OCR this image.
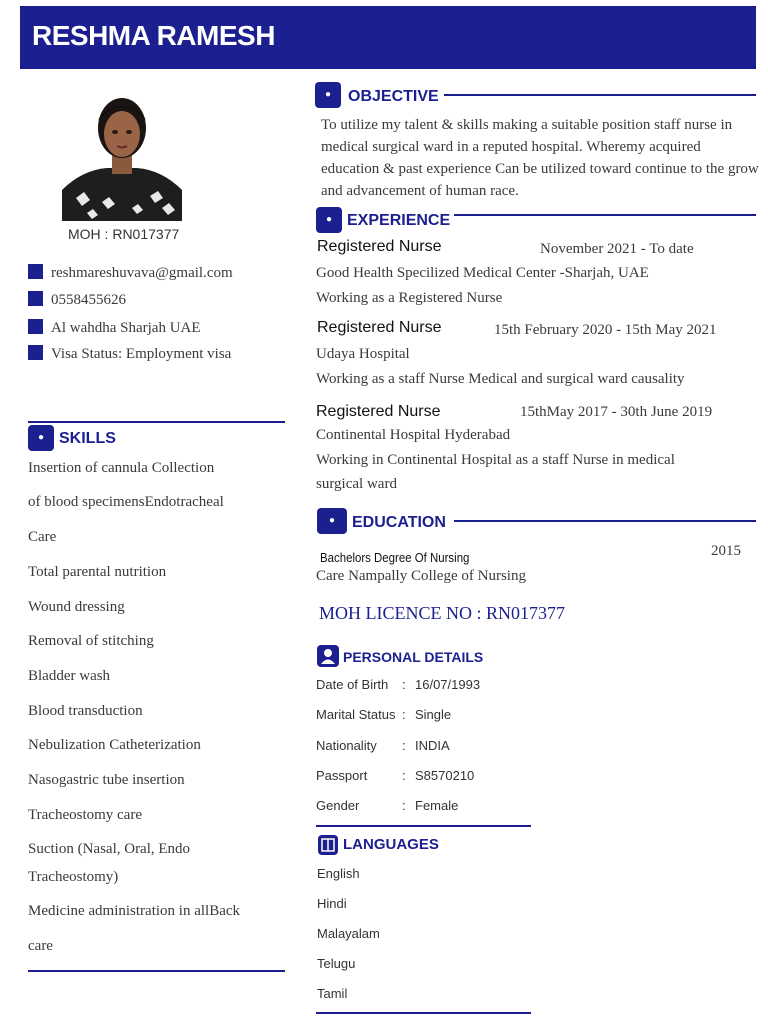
RESHMA RAMESH
MOH : RN017377
reshmareshuvava@gmail.com
0558455626
Al wahdha Sharjah UAE
Visa Status: Employment visa
● SKILLS
Insertion of cannula Collection
of blood specimensEndotracheal
Care
Total parental nutrition
Wound dressing
Removal of stitching
Bladder wash
Blood transduction
Nebulization Catheterization
Nasogastric tube insertion
Tracheostomy care
Suction (Nasal, Oral, Endo
Tracheostomy)
Medicine administration in allBack
care
●	OBJECTIVE
To utilize my talent & skills making a suitable position staff nurse in medical surgical ward in a reputed hospital. Wheremy acquired education & past experience Can be utilized toward continue to the grow and advancement of human race.
● EXPERIENCE
Registered Nurse	November 2021 - To date
Good Health Specilized Medical Center -Sharjah, UAE
Working as a Registered Nurse
Registered Nurse	15th February 2020 - 15th May 2021
Udaya Hospital
Working as a staff Nurse Medical and surgical ward causality
Registered Nurse	15thMay 2017 - 30th June 2019
Continental Hospital Hyderabad
Working in Continental Hospital as a staff Nurse in medical
surgical ward
●	EDUCATION
Bachelors Degree Of Nursing	2015
Care Nampally College of Nursing
MOH LICENCE NO : RN017377
PERSONAL DETAILS
Date of Birth : 16/07/1993
Marital Status : Single
Nationality : INDIA
Passport	: S8570210
Gender	: Female
LANGUAGES
English
Hindi
Malayalam
Telugu
Tamil
